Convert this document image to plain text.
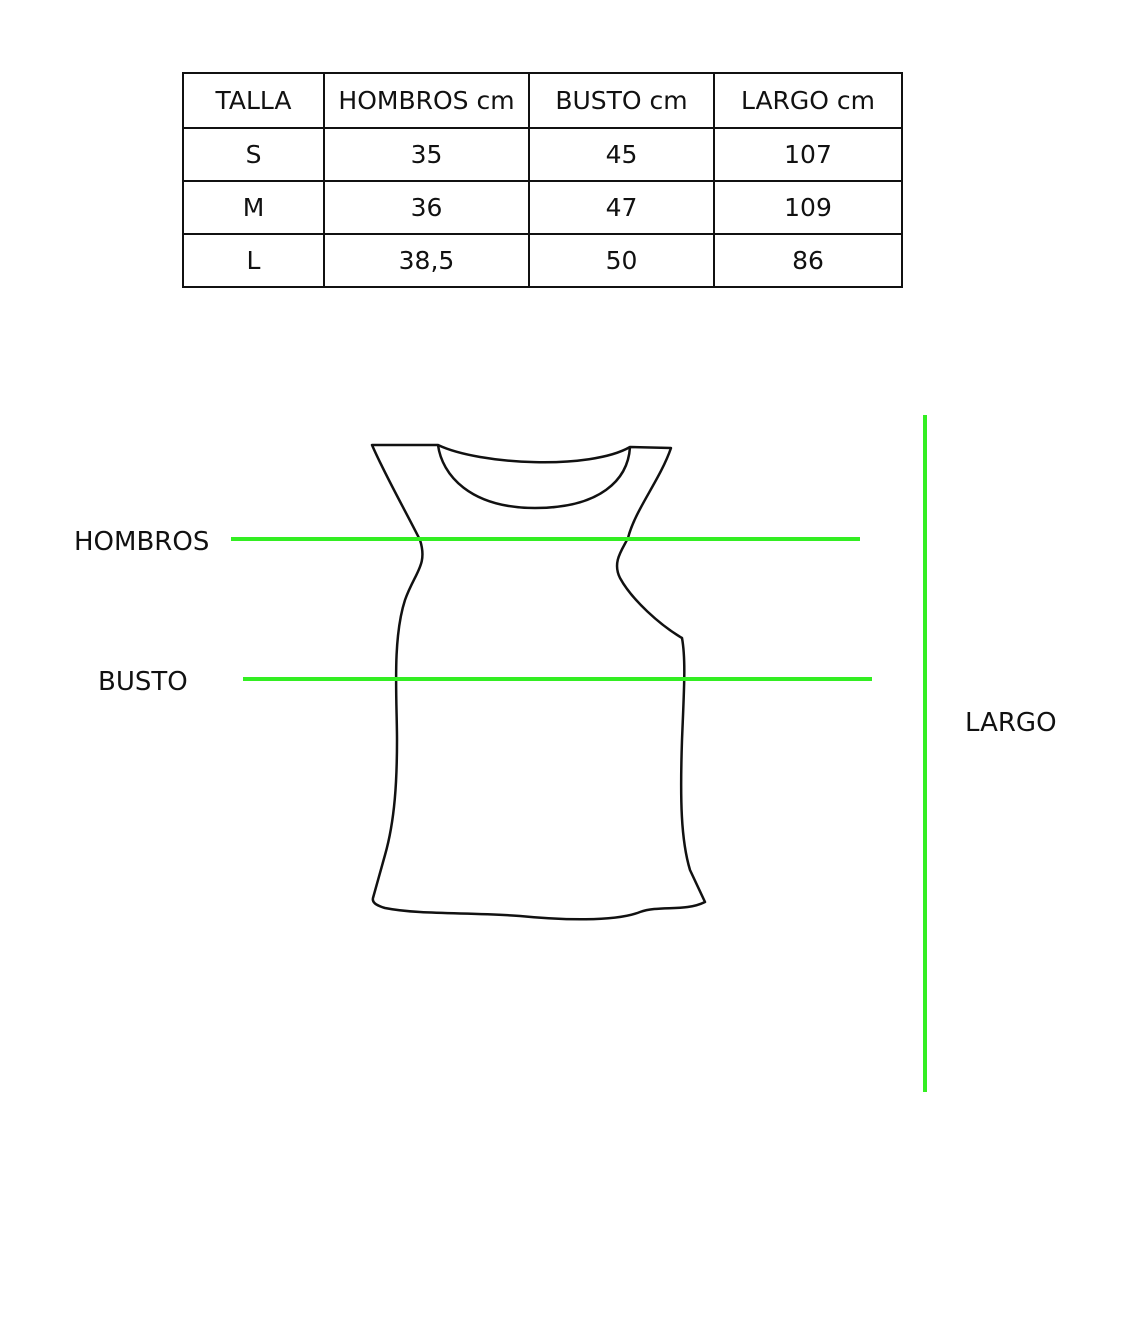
TALLA	HOMBROS cm	BUSTO cm	LARGO cm
S	35	45	107
M	36	47	109
L	38,5	50	86
HOMBROS
BUSTO
LARGO
